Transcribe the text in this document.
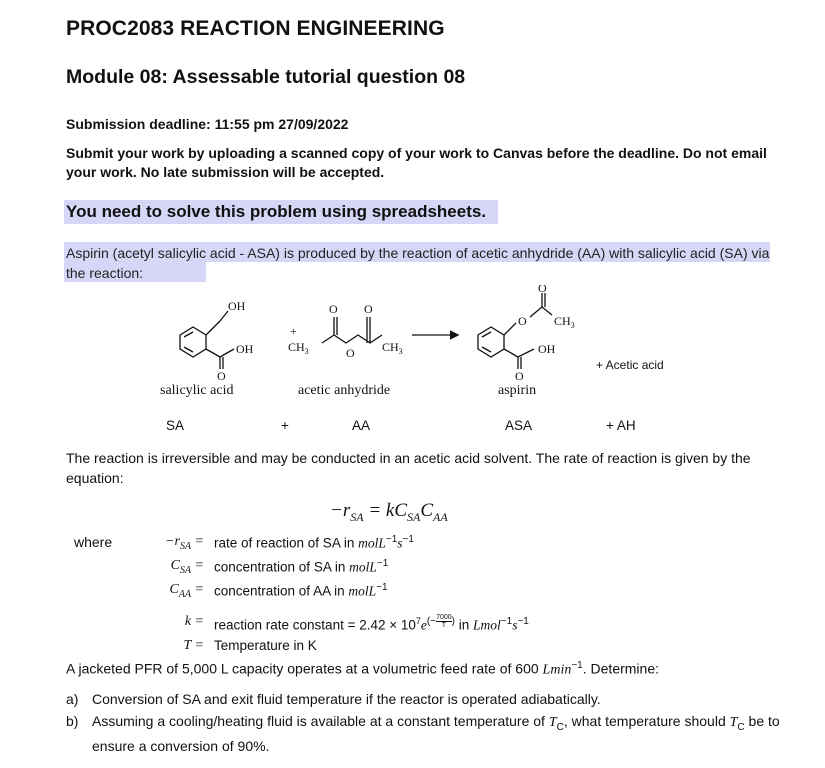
PROC2083 REACTION ENGINEERING
Module 08: Assessable tutorial question 08
Submission deadline: 11:55 pm 27/09/2022
Submit your work by uploading a scanned copy of your work to Canvas before the deadline. Do not email your work. No late submission will be accepted.
You need to solve this problem using spreadsheets.
Aspirin (acetyl salicylic acid - ASA) is produced by the reaction of acetic anhydride (AA) with salicylic acid (SA) via the reaction:
OH
OH
O
+
$CH_3$
O O
O $CH_3$
O
O
$CH_3$
OH
O
+ Acetic acid
salicylic acid	acetic anhydride	aspirin
SA	+	AA	ASA	+ AH
The reaction is irreversible and may be conducted in an acetic acid solvent. The rate of reaction is given by the equation:
$-r_{SA} = kC_{SA}C_{AA}$
where	$-r_{SA}$ = rate of reaction of SA in $molL^{-1}s^{-1}$
$C_{SA}$ = concentration of SA in molL$^{-1}$
$C_{AA}$ = concentration of AA in molL$^{-1}$
k = reaction rate constant = $2.42 \times 10^7e^{(- \frac{7000}{T} )}$ in $Lmol^{-1}s^{-1}$
T = Temperature in K
A jacketed PFR of 5,000 L capacity operates at a volumetric feed rate of 600 Lmin$^{-1}$. Determine:
a) Conversion of SA and exit fluid temperature if the reactor is operated adiabatically.
b) Assuming a cooling/heating fluid is available at a constant temperature of $T_C$, what temperature should $T_C$ be to ensure a conversion of 90%.
